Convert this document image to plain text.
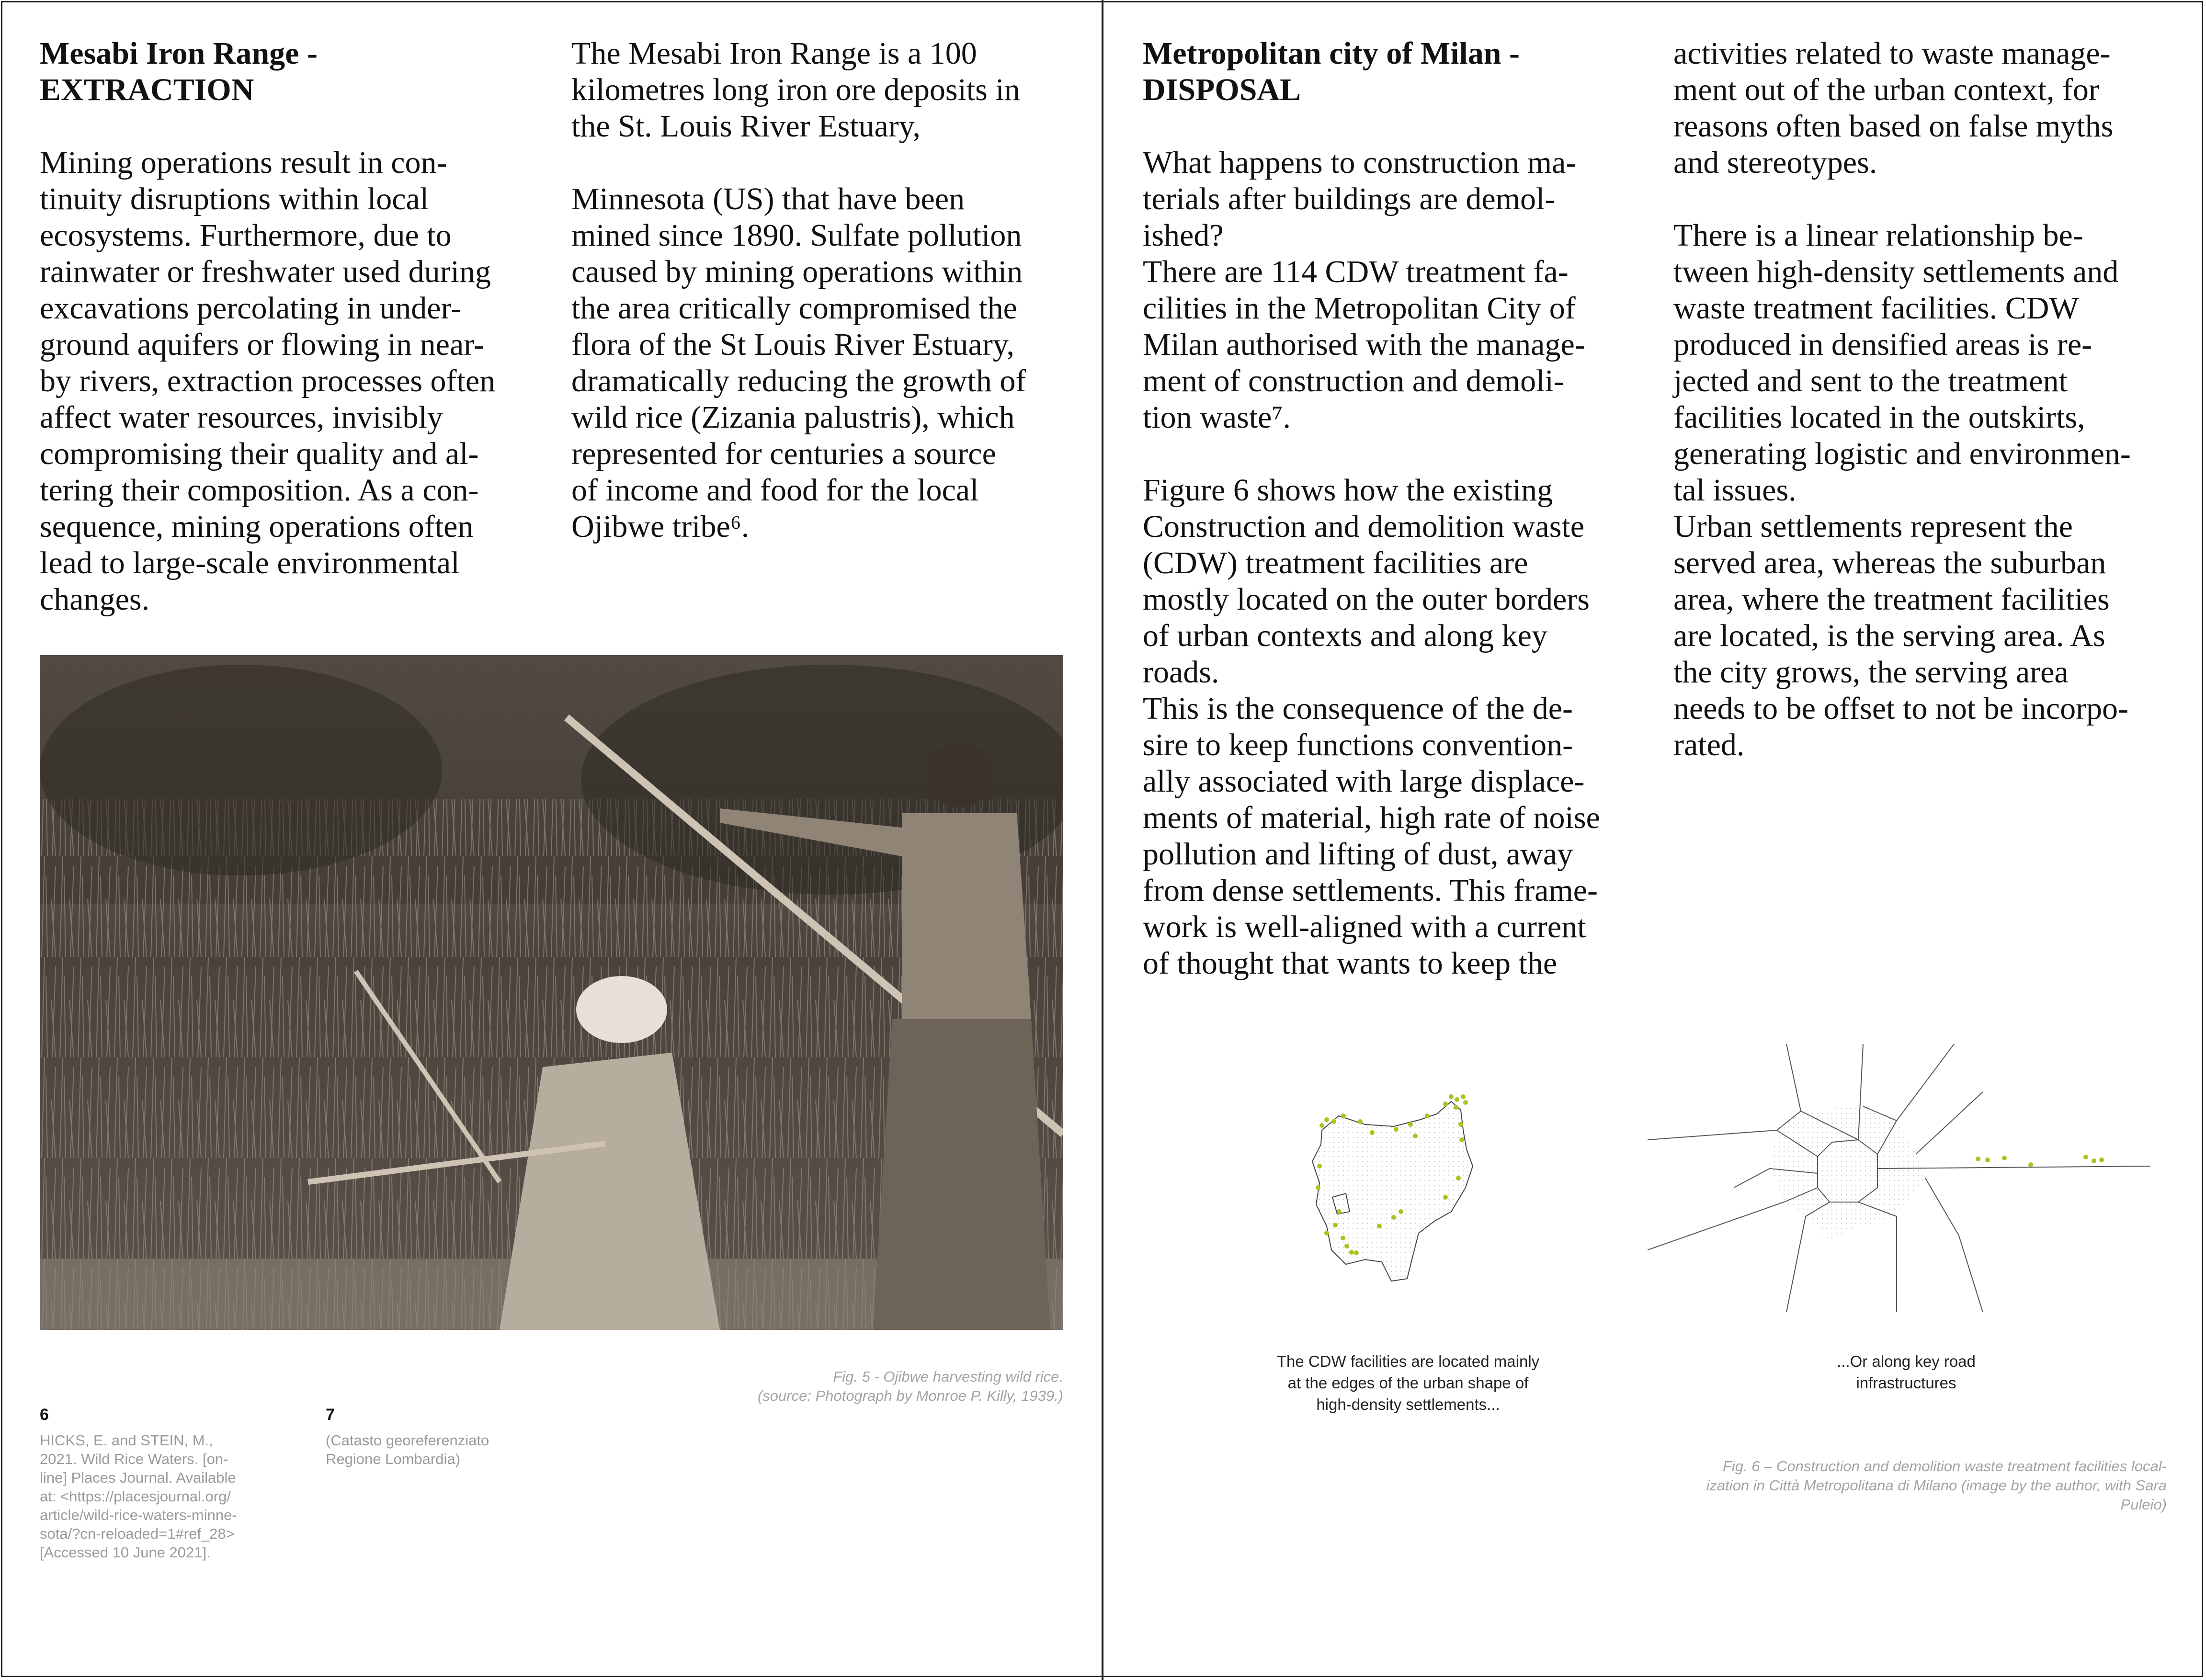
Mesabi Iron Range -
EXTRACTION
Mining operations result in con-
tinuity disruptions within local
ecosystems. Furthermore, due to
rainwater or freshwater used during
excavations percolating in under-
ground aquifers or flowing in near-
by rivers, extraction processes often
affect water resources, invisibly
compromising their quality and al-
tering their composition. As a con-
sequence, mining operations often
lead to large-scale environmental
changes.
The Mesabi Iron Range is a 100
kilometres long iron ore deposits in
the St. Louis River Estuary,

Minnesota (US) that have been
mined since 1890. Sulfate pollution
caused by mining operations within
the area critically compromised the
flora of the St Louis River Estuary,
dramatically reducing the growth of
wild rice (Zizania palustris), which
represented for centuries a source
of income and food for the local
Ojibwe tribe⁶.
Fig. 5 - Ojibwe harvesting wild rice.
(source: Photograph by Monroe P. Killy, 1939.)
6
HICKS, E. and STEIN, M.,
2021. Wild Rice Waters. [on-
line] Places Journal. Available
at: <https://placesjournal.org/
article/wild-rice-waters-minne-
sota/?cn-reloaded=1#ref_28>
[Accessed 10 June 2021].
7
(Catasto georeferenziato
Regione Lombardia)
Metropolitan city of Milan -
DISPOSAL
What happens to construction ma-
terials after buildings are demol-
ished?
There are 114 CDW treatment fa-
cilities in the Metropolitan City of
Milan authorised with the manage-
ment of construction and demoli-
tion waste⁷.

Figure 6 shows how the existing
Construction and demolition waste
(CDW) treatment facilities are
mostly located on the outer borders
of urban contexts and along key
roads.
This is the consequence of the de-
sire to keep functions convention-
ally associated with large displace-
ments of material, high rate of noise
pollution and lifting of dust, away
from dense settlements. This frame-
work is well-aligned with a current
of thought that wants to keep the
activities related to waste manage-
ment out of the urban context, for
reasons often based on false myths
and stereotypes.

There is a linear relationship be-
tween high-density settlements and
waste treatment facilities. CDW
produced in densified areas is re-
jected and sent to the treatment
facilities located in the outskirts,
generating logistic and environmen-
tal issues.
Urban settlements represent the
served area, whereas the suburban
area, where the treatment facilities
are located, is the serving area. As
the city grows, the serving area
needs to be offset to not be incorpo-
rated.
The CDW facilities are located mainly
at the edges of the urban shape of
high-density settlements...
...Or along key road
infrastructures
Fig. 6 – Construction and demolition waste treatment facilities local-
ization in Città Metropolitana di Milano (image by the author, with Sara
Puleio)
